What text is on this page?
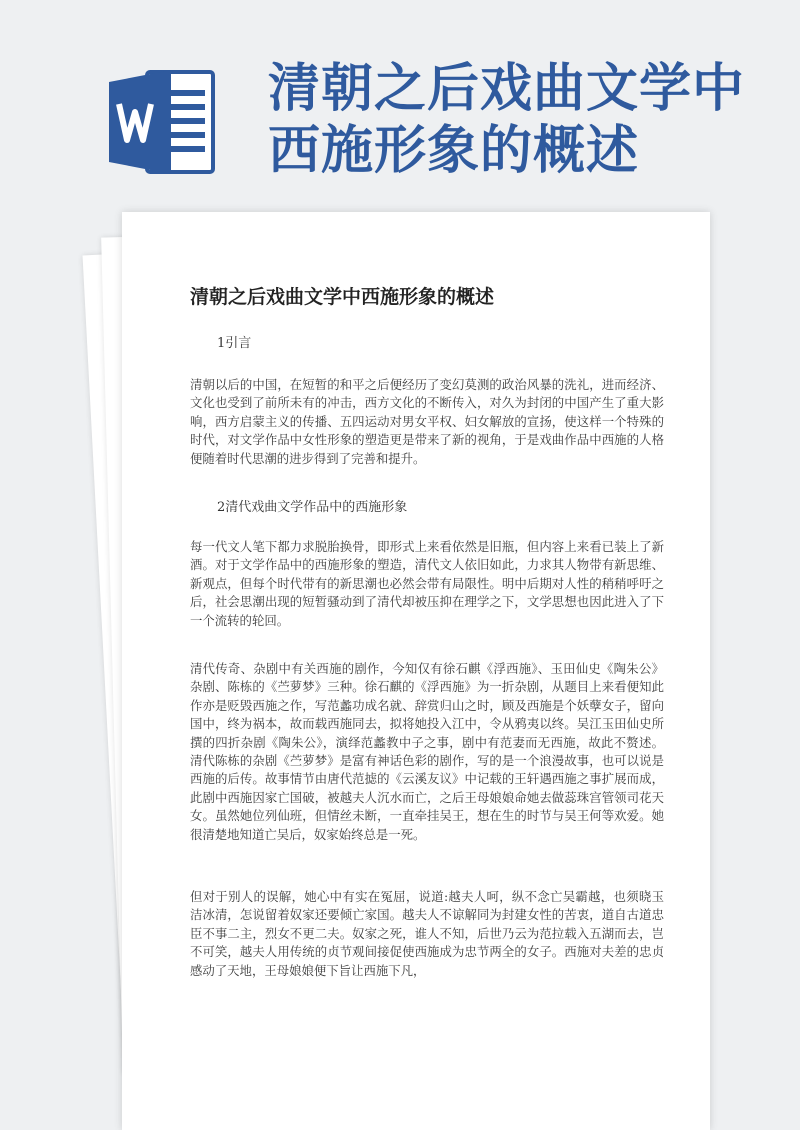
清朝之后戏曲文学中西施形象的概述
清朝之后戏曲文学中西施形象的概述
1引言
清朝以后的中国，在短暂的和平之后便经历了变幻莫测的政治风暴的洗礼，进而经济、文化也受到了前所未有的冲击，西方文化的不断传入，对久为封闭的中国产生了重大影响，西方启蒙主义的传播、五四运动对男女平权、妇女解放的宣扬，使这样一个特殊的时代，对文学作品中女性形象的塑造更是带来了新的视角，于是戏曲作品中西施的人格便随着时代思潮的进步得到了完善和提升。
2清代戏曲文学作品中的西施形象
每一代文人笔下都力求脱胎换骨，即形式上来看依然是旧瓶，但内容上来看已装上了新酒。对于文学作品中的西施形象的塑造，清代文人依旧如此，力求其人物带有新思维、新观点，但每个时代带有的新思潮也必然会带有局限性。明中后期对人性的稍稍呼吁之后，社会思潮出现的短暂骚动到了清代却被压抑在理学之下，文学思想也因此进入了下一个流转的轮回。
清代传奇、杂剧中有关西施的剧作，今知仅有徐石麒《浮西施》、玉田仙史《陶朱公》杂剧、陈栋的《苎萝梦》三种。徐石麒的《浮西施》为一折杂剧，从题目上来看便知此作亦是贬毁西施之作，写范蠡功成名就、辞赏归山之时，顾及西施是个妖孽女子，留向国中，终为祸本，故而载西施同去，拟将她投入江中，令从鸦夷以终。吴江玉田仙史所撰的四折杂剧《陶朱公》，演绎范蠡教中子之事，剧中有范妻而无西施，故此不赘述。清代陈栋的杂剧《苎萝梦》是富有神话色彩的剧作，写的是一个浪漫故事，也可以说是西施的后传。故事情节由唐代范摅的《云溪友议》中记载的王轩遇西施之事扩展而成，此剧中西施因家亡国破，被越夫人沉水而亡，之后王母娘娘命她去做蕊珠宫管领司花天女。虽然她位列仙班，但情丝未断，一直牵挂吴王，想在生的时节与吴王何等欢爱。她很清楚地知道亡吴后，奴家始终总是一死。
但对于别人的误解，她心中有实在冤屈，说道:越夫人呵，纵不念亡吴霸越，也须晓玉洁冰清，怎说留着奴家还要倾亡家国。越夫人不谅解同为封建女性的苦衷，道自古道忠臣不事二主，烈女不更二夫。奴家之死，谁人不知，后世乃云为范拉载入五湖而去，岂不可笑，越夫人用传统的贞节观间接促使西施成为忠节两全的女子。西施对夫差的忠贞感动了天地，王母娘娘便下旨让西施下凡，
